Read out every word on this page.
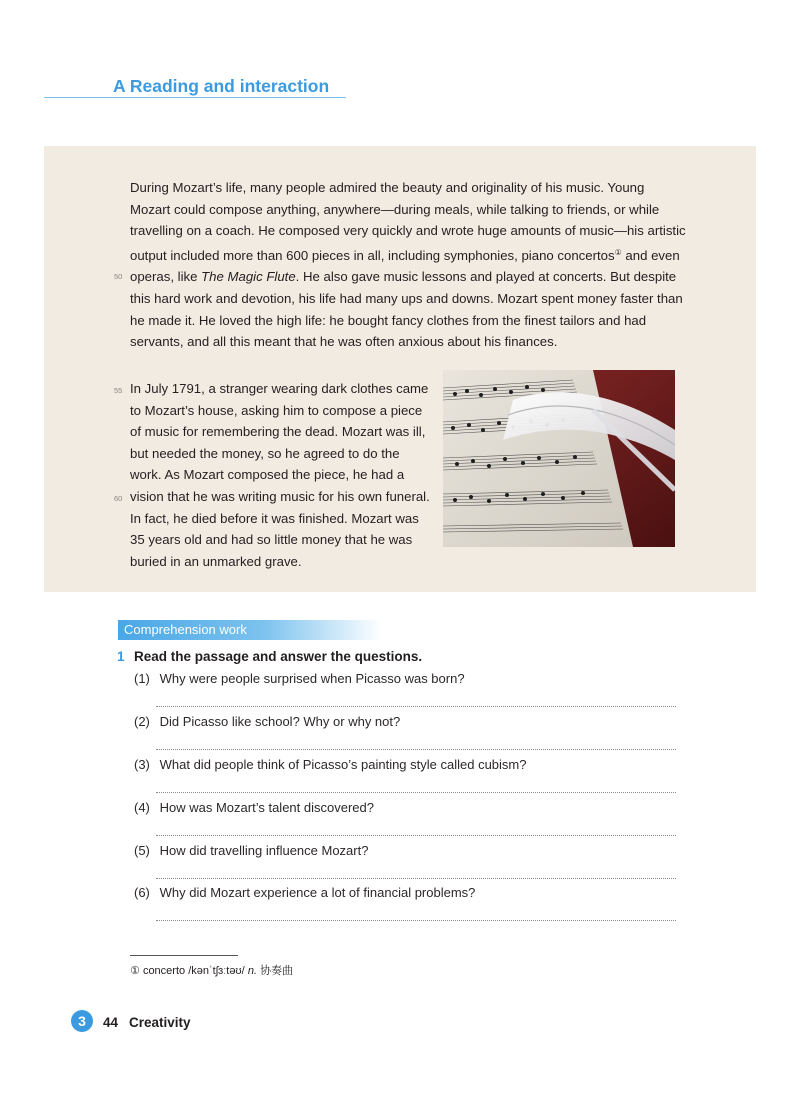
A Reading and interaction

During Mozart’s life, many people admired the beauty and originality of his music. Young Mozart could compose anything, anywhere—during meals, while talking to friends, or while travelling on a coach. He composed very quickly and wrote huge amounts of music—his artistic output included more than 600 pieces in all, including symphonies, piano concertos① and even operas, like The Magic Flute. He also gave music lessons and played at concerts. But despite this hard work and devotion, his life had many ups and downs. Mozart spent money faster than he made it. He loved the high life: he bought fancy clothes from the finest tailors and had servants, and all this meant that he was often anxious about his finances.

In July 1791, a stranger wearing dark clothes came to Mozart’s house, asking him to compose a piece of music for remembering the dead. Mozart was ill, but needed the money, so he agreed to do the work. As Mozart composed the piece, he had a vision that he was writing music for his own funeral. In fact, he died before it was finished. Mozart was 35 years old and had so little money that he was buried in an unmarked grave.

50
55
60
Comprehension work
1 Read the passage and answer the questions.
(1) Why were people surprised when Picasso was born?
(2) Did Picasso like school? Why or why not?
(3) What did people think of Picasso’s painting style called cubism?
(4) How was Mozart’s talent discovered?
(5) How did travelling influence Mozart?
(6) Why did Mozart experience a lot of financial problems?
① concerto /kənˈtʃɜːtəʊ/ n. 协奏曲
3	44 Creativity
